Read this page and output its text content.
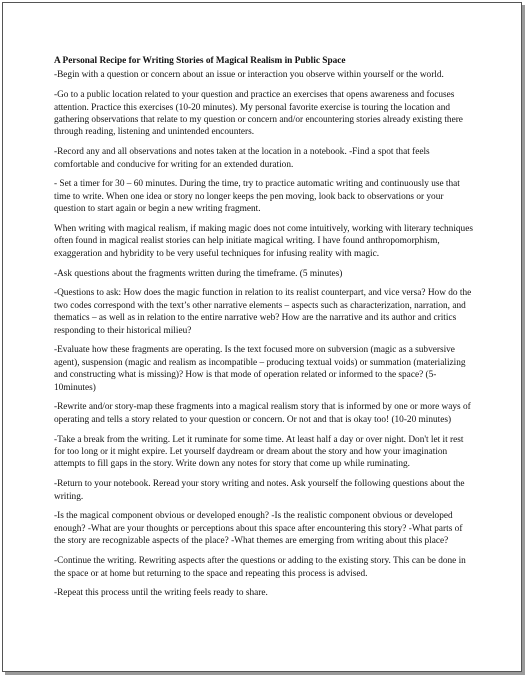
A Personal Recipe for Writing Stories of Magical Realism in Public Space

-Begin with a question or concern about an issue or interaction you observe within yourself or the world.

-Go to a public location related to your question and practice an exercises that opens awareness and focuses attention. Practice this exercises (10-20 minutes). My personal favorite exercise is touring the location and gathering observations that relate to my question or concern and/or encountering stories already existing there through reading, listening and unintended encounters.

-Record any and all observations and notes taken at the location in a notebook. -Find a spot that feels comfortable and conducive for writing for an extended duration.

- Set a timer for 30 – 60 minutes. During the time, try to practice automatic writing and continuously use that time to write. When one idea or story no longer keeps the pen moving, look back to observations or your question to start again or begin a new writing fragment.

When writing with magical realism, if making magic does not come intuitively, working with literary techniques often found in magical realist stories can help initiate magical writing. I have found anthropomorphism, exaggeration and hybridity to be very useful techniques for infusing reality with magic.

-Ask questions about the fragments written during the timeframe. (5 minutes)

-Questions to ask: How does the magic function in relation to its realist counterpart, and vice versa? How do the two codes correspond with the text’s other narrative elements – aspects such as characterization, narration, and thematics – as well as in relation to the entire narrative web? How are the narrative and its author and critics responding to their historical milieu?

-Evaluate how these fragments are operating. Is the text focused more on subversion (magic as a subversive agent), suspension (magic and realism as incompatible – producing textual voids) or summation (materializing and constructing what is missing)? How is that mode of operation related or informed to the space? (5-10minutes)

-Rewrite and/or story-map these fragments into a magical realism story that is informed by one or more ways of operating and tells a story related to your question or concern. Or not and that is okay too! (10-20 minutes)

-Take a break from the writing. Let it ruminate for some time. At least half a day or over night. Don't let it rest for too long or it might expire. Let yourself daydream or dream about the story and how your imagination attempts to fill gaps in the story. Write down any notes for story that come up while ruminating.

-Return to your notebook. Reread your story writing and notes. Ask yourself the following questions about the writing.

-Is the magical component obvious or developed enough? -Is the realistic component obvious or developed enough? -What are your thoughts or perceptions about this space after encountering this story? -What parts of the story are recognizable aspects of the place? -What themes are emerging from writing about this place?

-Continue the writing. Rewriting aspects after the questions or adding to the existing story. This can be done in the space or at home but returning to the space and repeating this process is advised.

-Repeat this process until the writing feels ready to share.
